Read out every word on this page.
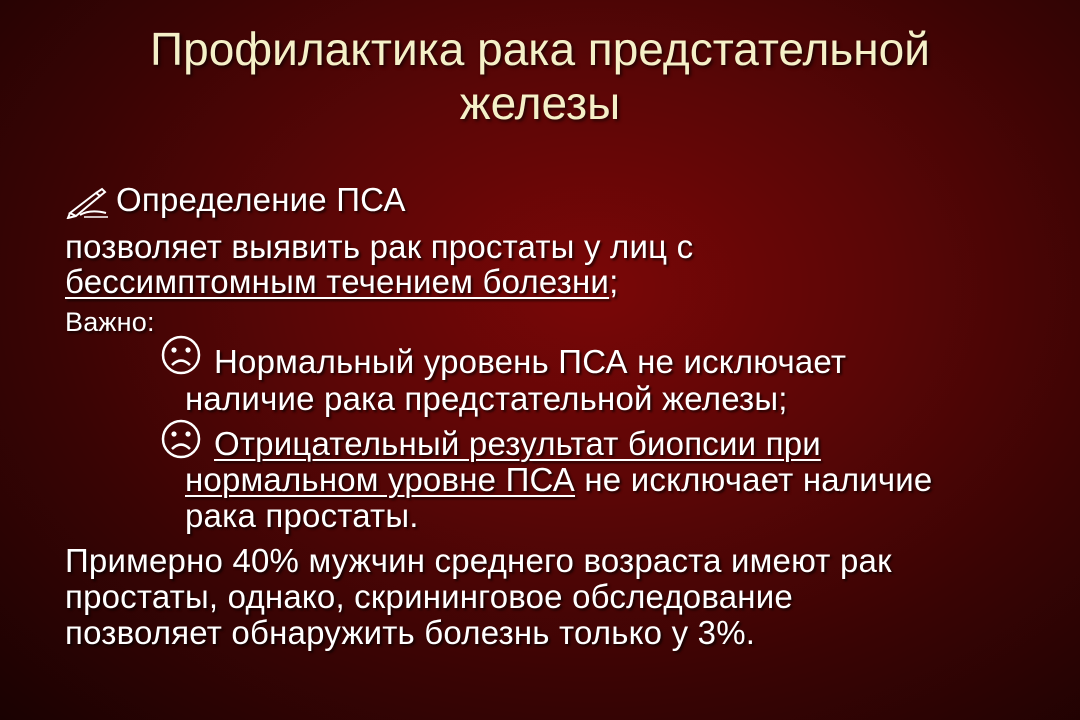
Профилактика рака предстательной
железы
Определение ПСА
позволяет выявить рак простаты у лиц с
бессимптомным течением болезни;
Важно:
Нормальный уровень ПСА не исключает
наличие рака предстательной железы;
Отрицательный результат биопсии при
нормальном уровне ПСА не исключает наличие
рака простаты.
Примерно 40% мужчин среднего возраста имеют рак
простаты, однако, скрининговое обследование
позволяет обнаружить болезнь только у 3%.
